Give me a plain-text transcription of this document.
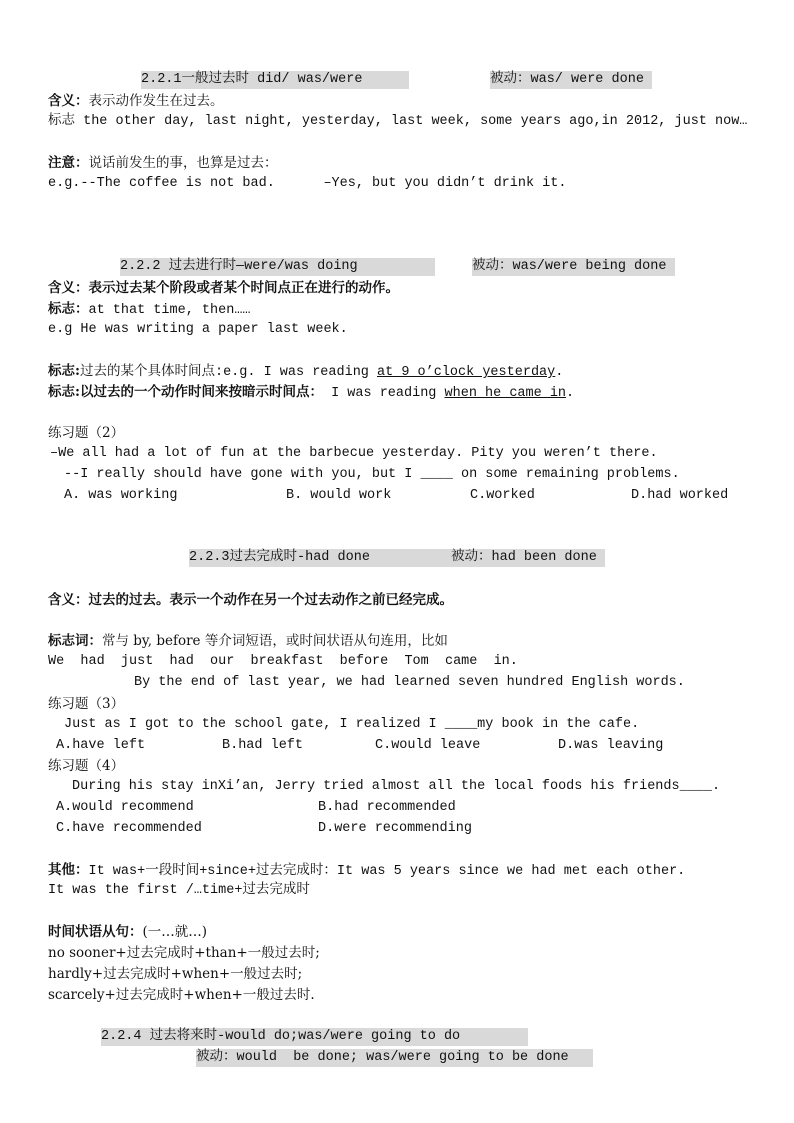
2.2.1一般过去时 did/ was/were	被动：was/ were done
含义：表示动作发生在过去。
标志 the other day, last night, yesterday, last week, some years ago,in 2012, just now…
注意：说话前发生的事，也算是过去：
e.g.--The coffee is not bad.      –Yes, but you didn’t drink it.
2.2.2 过去进行时—were/was doing	被动：was/were being done
含义：表示过去某个阶段或者某个时间点正在进行的动作。
标志：at that time, then……
e.g He was writing a paper last week.
标志:过去的某个具体时间点:e.g. I was reading at 9 o’clock yesterday.
标志:以过去的一个动作时间来按暗示时间点： I was reading when he came in.
练习题（2）
–We all had a lot of fun at the barbecue yesterday. Pity you weren’t there.
--I really should have gone with you, but I ____ on some remaining problems.
A. was working	B. would work	C.worked	D.had worked
2.2.3过去完成时-had done	被动：had been done
含义：过去的过去。表示一个动作在另一个过去动作之前已经完成。
标志词：常与 by, before 等介词短语，或时间状语从句连用，比如
We  had  just  had  our  breakfast  before  Tom  came  in.
By the end of last year, we had learned seven hundred English words.
练习题（3）
Just as I got to the school gate, I realized I ____my book in the cafe.
A.have left	B.had left	C.would leave	D.was leaving
练习题（4）
During his stay inXi’an, Jerry tried almost all the local foods his friends____.
A.would recommend	B.had recommended
C.have recommended	D.were recommending
其他：It was+一段时间+since+过去完成时：It was 5 years since we had met each other.
It was the first /…time+过去完成时
时间状语从句：(一…就…)
no sooner+过去完成时+than+一般过去时;
hardly+过去完成时+when+一般过去时;
scarcely+过去完成时+when+一般过去时.
2.2.4 过去将来时-would do;was/were going to do
被动：would  be done; was/were going to be done
